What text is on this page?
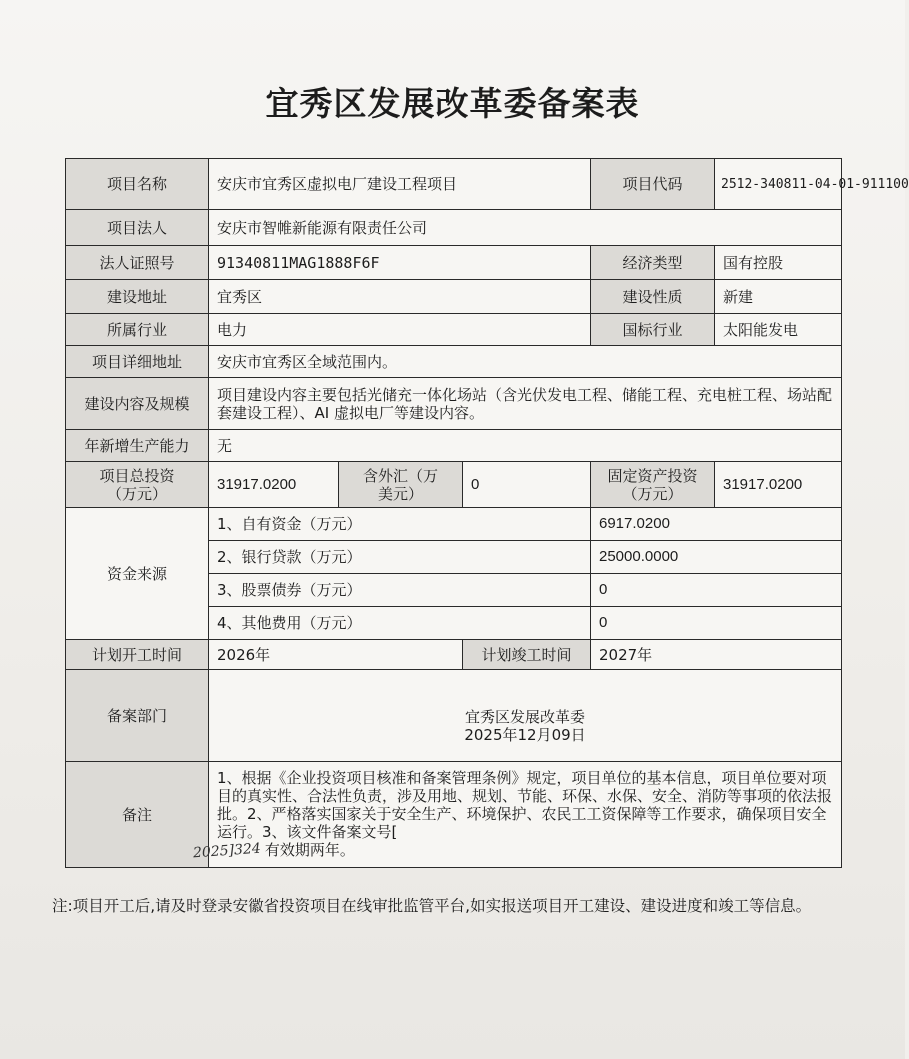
宜秀区发展改革委备案表
项目名称	安庆市宜秀区虚拟电厂建设工程项目			项目代码	2512-340811-04-01-911100
项目法人	安庆市智帷新能源有限责任公司				
法人证照号	91340811MAG1888F6F			经济类型	国有控股
建设地址	宜秀区			建设性质	新建
所属行业	电力			国标行业	太阳能发电
项目详细地址	安庆市宜秀区全域范围内。				
建设内容及规模	项目建设内容主要包括光储充一体化场站（含光伏发电工程、储能工程、充电桩工程、场站配套建设工程）、AI 虚拟电厂等建设内容。				
年新增生产能力	无				
项目总投资（万元）	31917.0200	含外汇（万美元）	0	固定资产投资（万元）	31917.0200
资金来源	1、自有资金（万元）			6917.0200	
	2、银行贷款（万元）			25000.0000	
	3、股票债券（万元）			0	
	4、其他费用（万元）			0	
计划开工时间	2026年		计划竣工时间	2027年	
备案部门	宜秀区发展改革委
2025年12月09日				

备注	1、根据《企业投资项目核准和备案管理条例》规定，项目单位的基本信息，项目单位要对项目的真实性、合法性负责，涉及用地、规划、节能、环保、水保、安全、消防等事项的依法报批。2、严格落实国家关于安全生产、环境保护、农民工工资保障等工作要求，确保项目安全运行。3、该文件备案文号[
2025]324 有效期两年。				
注:项目开工后,请及时登录安徽省投资项目在线审批监管平台,如实报送项目开工建设、建设进度和竣工等信息。
